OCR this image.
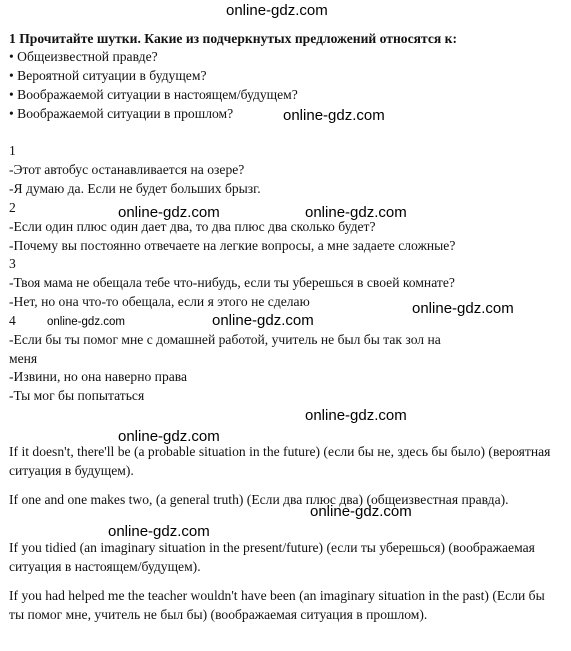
online-gdz.com
online-gdz.com
online-gdz.com	online-gdz.com
online-gdz.com
online-gdz.com	online-gdz.com
online-gdz.com
online-gdz.com
online-gdz.com
online-gdz.com
1 Прочитайте шутки. Какие из подчеркнутых предложений относятся к:
• Общеизвестной правде?
• Вероятной ситуации в будущем?
• Воображаемой ситуации в настоящем/будущем?
• Воображаемой ситуации в прошлом?
1
-Этот автобус останавливается на озере?
-Я думаю да. Если не будет больших брызг.
2
-Если один плюс один дает два, то два плюс два сколько будет?
-Почему вы постоянно отвечаете на легкие вопросы, а мне задаете сложные?
3
-Твоя мама не обещала тебе что-нибудь, если ты уберешься в своей комнате?
-Нет, но она что-то обещала, если я этого не сделаю
4
-Если бы ты помог мне с домашней работой, учитель не был бы так зол на
меня
-Извини, но она наверно права
-Ты мог бы попытаться
If it doesn't, there'll be (a probable situation in the future) (если бы не, здесь бы было) (вероятная ситуация в будущем).
If one and one makes two, (a general truth) (Если два плюс два) (общеизвестная правда).
If you tidied (an imaginary situation in the present/future) (если ты уберешься) (воображаемая ситуация в настоящем/будущем).
If you had helped me the teacher wouldn't have been (an imaginary situation in the past) (Если бы ты помог мне, учитель не был бы) (воображаемая ситуация в прошлом).
